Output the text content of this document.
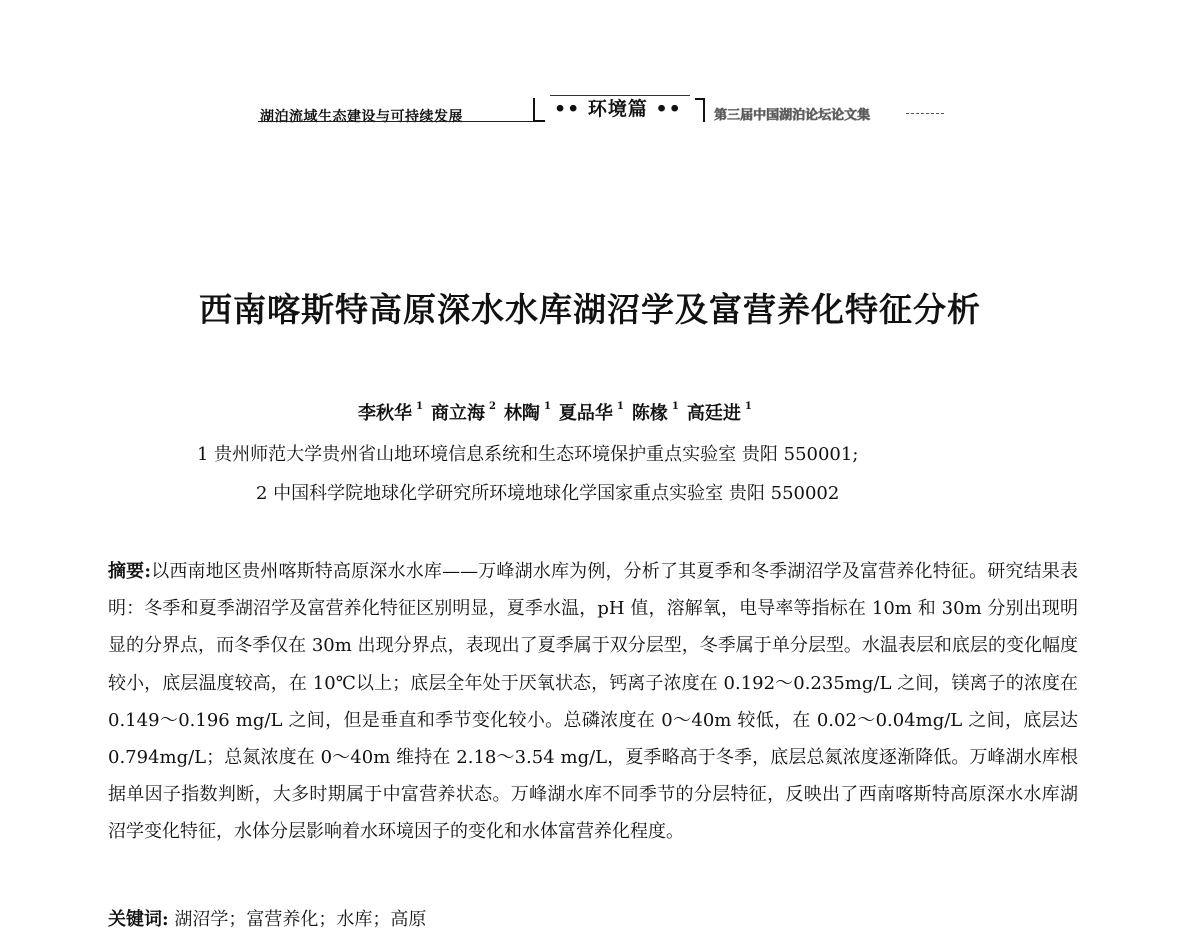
湖泊流域生态建设与可持续发展	•• 环境篇 •• 第三届中国湖泊论坛论文集
西南喀斯特高原深水水库湖沼学及富营养化特征分析
李秋华 $^1$ 商立海 $^2$ 林陶 $^1$ 夏品华 $^1$ 陈椽 $^1$ 高廷进 $^1$
1 贵州师范大学贵州省山地环境信息系统和生态环境保护重点实验室 贵阳 550001;
2 中国科学院地球化学研究所环境地球化学国家重点实验室 贵阳 550002
摘要:以西南地区贵州喀斯特高原深水水库——万峰湖水库为例，分析了其夏季和冬季湖沼学及富营养化特征。研究结果表明：冬季和夏季湖沼学及富营养化特征区别明显，夏季水温，pH 值，溶解氧，电导率等指标在 10m 和 30m 分别出现明显的分界点，而冬季仅在 30m 出现分界点，表现出了夏季属于双分层型，冬季属于单分层型。水温表层和底层的变化幅度较小，底层温度较高，在 10℃以上；底层全年处于厌氧状态，钙离子浓度在 0.192～0.235mg/L 之间，镁离子的浓度在 0.149～0.196 mg/L 之间，但是垂直和季节变化较小。总磷浓度在 0～40m 较低，在 0.02～0.04mg/L 之间，底层达 0.794mg/L；总氮浓度在 0～40m 维持在 2.18～3.54 mg/L，夏季略高于冬季，底层总氮浓度逐渐降低。万峰湖水库根据单因子指数判断，大多时期属于中富营养状态。万峰湖水库不同季节的分层特征，反映出了西南喀斯特高原深水水库湖沼学变化特征，水体分层影响着水环境因子的变化和水体富营养化程度。
关键词: 湖沼学；富营养化；水库；高原
